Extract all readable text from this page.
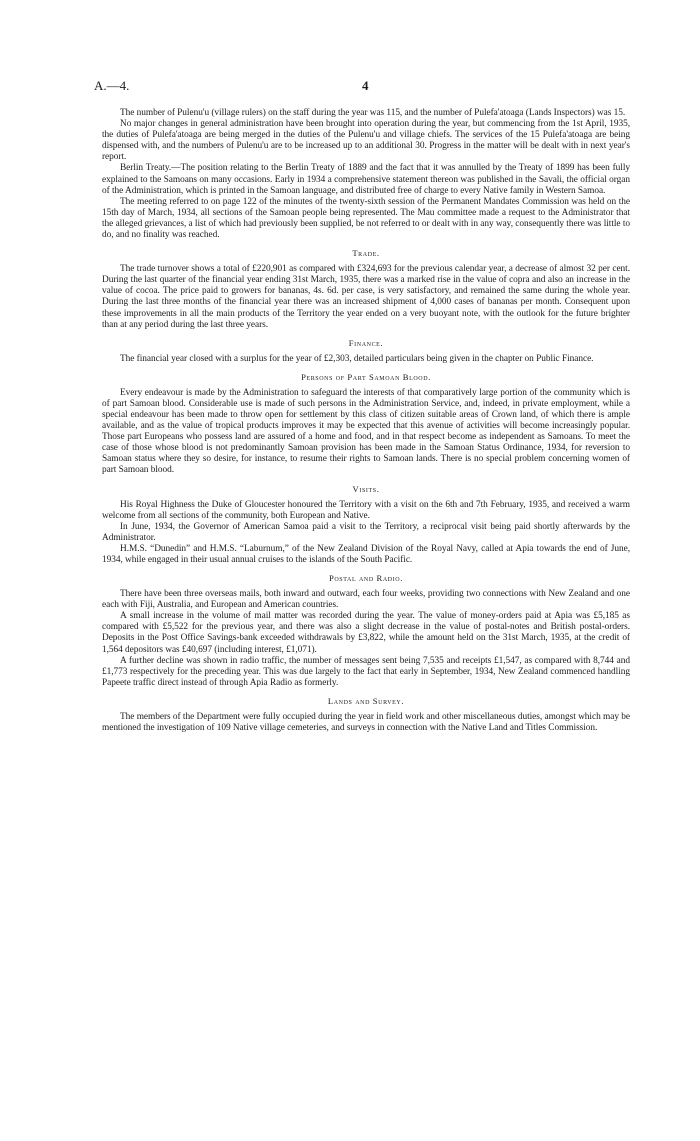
A.—4.	4

The number of Pulenu'u (village rulers) on the staff during the year was 115, and the number of Pulefa'atoaga (Lands Inspectors) was 15.

No major changes in general administration have been brought into operation during the year, but commencing from the 1st April, 1935, the duties of Pulefa'atoaga are being merged in the duties of the Pulenu'u and village chiefs. The services of the 15 Pulefa'atoaga are being dispensed with, and the numbers of Pulenu'u are to be increased up to an additional 30. Progress in the matter will be dealt with in next year's report.

Berlin Treaty.—The position relating to the Berlin Treaty of 1889 and the fact that it was annulled by the Treaty of 1899 has been fully explained to the Samoans on many occasions. Early in 1934 a comprehensive statement thereon was published in the Savali, the official organ of the Administration, which is printed in the Samoan language, and distributed free of charge to every Native family in Western Samoa.

The meeting referred to on page 122 of the minutes of the twenty-sixth session of the Permanent Mandates Commission was held on the 15th day of March, 1934, all sections of the Samoan people being represented. The Mau committee made a request to the Administrator that the alleged grievances, a list of which had previously been supplied, be not referred to or dealt with in any way, consequently there was little to do, and no finality was reached.

Trade.

The trade turnover shows a total of £220,901 as compared with £324,693 for the previous calendar year, a decrease of almost 32 per cent. During the last quarter of the financial year ending 31st March, 1935, there was a marked rise in the value of copra and also an increase in the value of cocoa. The price paid to growers for bananas, 4s. 6d. per case, is very satisfactory, and remained the same during the whole year. During the last three months of the financial year there was an increased shipment of 4,000 cases of bananas per month. Consequent upon these improvements in all the main products of the Territory the year ended on a very buoyant note, with the outlook for the future brighter than at any period during the last three years.

Finance.

The financial year closed with a surplus for the year of £2,303, detailed particulars being given in the chapter on Public Finance.

Persons of Part Samoan Blood.

Every endeavour is made by the Administration to safeguard the interests of that comparatively large portion of the community which is of part Samoan blood. Considerable use is made of such persons in the Administration Service, and, indeed, in private employment, while a special endeavour has been made to throw open for settlement by this class of citizen suitable areas of Crown land, of which there is ample available, and as the value of tropical products improves it may be expected that this avenue of activities will become increasingly popular. Those part Europeans who possess land are assured of a home and food, and in that respect become as independent as Samoans. To meet the case of those whose blood is not predominantly Samoan provision has been made in the Samoan Status Ordinance, 1934, for reversion to Samoan status where they so desire, for instance, to resume their rights to Samoan lands. There is no special problem concerning women of part Samoan blood.

Visits.

His Royal Highness the Duke of Gloucester honoured the Territory with a visit on the 6th and 7th February, 1935, and received a warm welcome from all sections of the community, both European and Native.

In June, 1934, the Governor of American Samoa paid a visit to the Territory, a reciprocal visit being paid shortly afterwards by the Administrator.

H.M.S. “Dunedin” and H.M.S. “Laburnum,” of the New Zealand Division of the Royal Navy, called at Apia towards the end of June, 1934, while engaged in their usual annual cruises to the islands of the South Pacific.

Postal and Radio.

There have been three overseas mails, both inward and outward, each four weeks, providing two connections with New Zealand and one each with Fiji, Australia, and European and American countries.

A small increase in the volume of mail matter was recorded during the year. The value of money-orders paid at Apia was £5,185 as compared with £5,522 for the previous year, and there was also a slight decrease in the value of postal-notes and British postal-orders. Deposits in the Post Office Savings-bank exceeded withdrawals by £3,822, while the amount held on the 31st March, 1935, at the credit of 1,564 depositors was £40,697 (including interest, £1,071).

A further decline was shown in radio traffic, the number of messages sent being 7,535 and receipts £1,547, as compared with 8,744 and £1,773 respectively for the preceding year. This was due largely to the fact that early in September, 1934, New Zealand commenced handling Papeete traffic direct instead of through Apia Radio as formerly.

Lands and Survey.

The members of the Department were fully occupied during the year in field work and other miscellaneous duties, amongst which may be mentioned the investigation of 109 Native village cemeteries, and surveys in connection with the Native Land and Titles Commission.
